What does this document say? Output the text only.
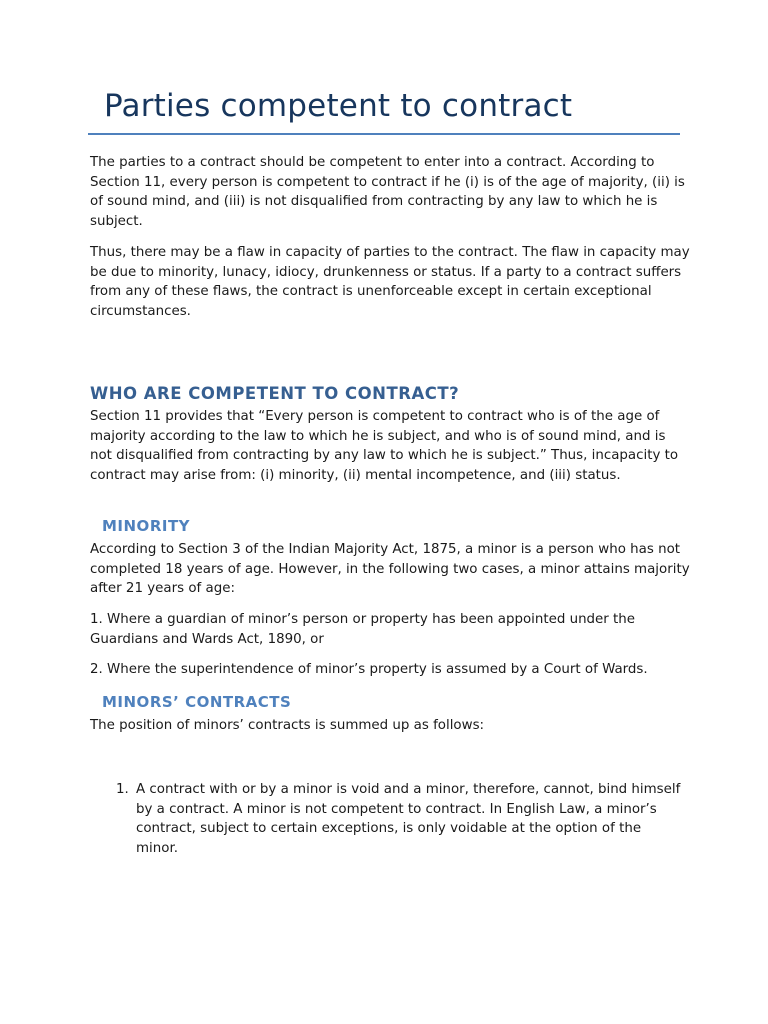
Parties competent to contract

The parties to a contract should be competent to enter into a contract. According to Section 11, every person is competent to contract if he (i) is of the age of majority, (ii) is of sound mind, and (iii) is not disqualified from contracting by any law to which he is subject.

Thus, there may be a flaw in capacity of parties to the contract. The flaw in capacity may be due to minority, lunacy, idiocy, drunkenness or status. If a party to a contract suffers from any of these flaws, the contract is unenforceable except in certain exceptional circumstances.

WHO ARE COMPETENT TO CONTRACT?

Section 11 provides that “Every person is competent to contract who is of the age of majority according to the law to which he is subject, and who is of sound mind, and is not disqualified from contracting by any law to which he is subject.” Thus, incapacity to contract may arise from: (i) minority, (ii) mental incompetence, and (iii) status.

MINORITY

According to Section 3 of the Indian Majority Act, 1875, a minor is a person who has not completed 18 years of age. However, in the following two cases, a minor attains majority after 21 years of age:

1. Where a guardian of minor’s person or property has been appointed under the Guardians and Wards Act, 1890, or

2. Where the superintendence of minor’s property is assumed by a Court of Wards.

MINORS’ CONTRACTS

The position of minors’ contracts is summed up as follows:

1. A contract with or by a minor is void and a minor, therefore, cannot, bind himself by a contract. A minor is not competent to contract. In English Law, a minor’s contract, subject to certain exceptions, is only voidable at the option of the minor.
